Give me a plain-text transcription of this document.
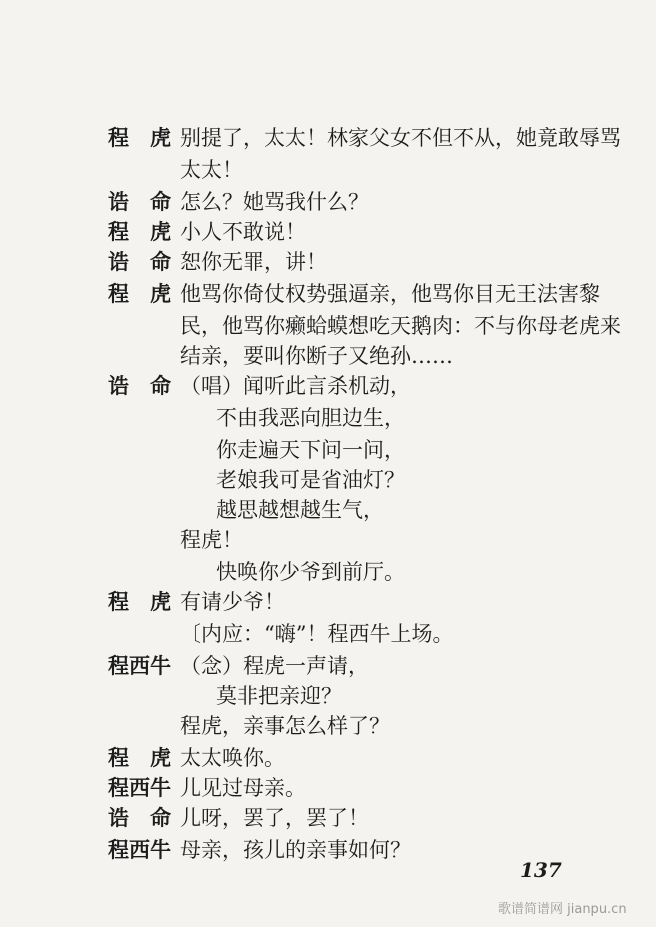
程　虎 别提了，太太！林家父女不但不从，她竟敢辱骂
太太！
诰　命 怎么？她骂我什么？
程　虎 小人不敢说！
诰　命 恕你无罪，讲！
程　虎 他骂你倚仗权势强逼亲，他骂你目无王法害黎
民，他骂你癞蛤蟆想吃天鹅肉：不与你母老虎来
结亲，要叫你断子又绝孙……
诰　命 （唱）闻听此言杀机动，
不由我恶向胆边生，
你走遍天下问一问，
老娘我可是省油灯？
越思越想越生气，
程虎！
快唤你少爷到前厅。
程　虎 有请少爷！
〔内应：“嗨”！程西牛上场。
程西牛 （念）程虎一声请，
莫非把亲迎？
程虎，亲事怎么样了？
程　虎 太太唤你。
程西牛 儿见过母亲。
诰　命 儿呀，罢了，罢了！
程西牛 母亲，孩儿的亲事如何？
137
歌谱简谱网 jianpu.cn
